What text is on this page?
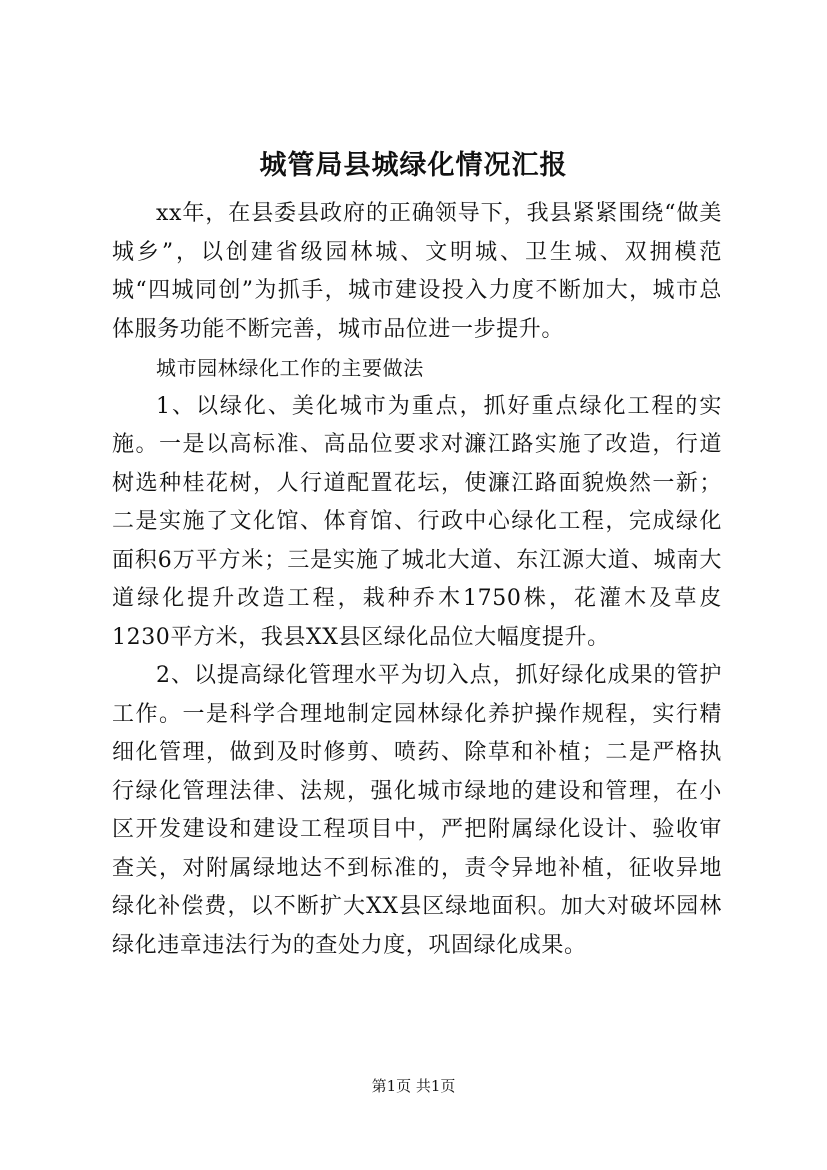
城管局县城绿化情况汇报

xx年，在县委县政府的正确领导下，我县紧紧围绕“做美城乡”，以创建省级园林城、文明城、卫生城、双拥模范城“四城同创”为抓手，城市建设投入力度不断加大，城市总体服务功能不断完善，城市品位进一步提升。

城市园林绿化工作的主要做法

1、以绿化、美化城市为重点，抓好重点绿化工程的实施。一是以高标准、高品位要求对濂江路实施了改造，行道树选种桂花树，人行道配置花坛，使濂江路面貌焕然一新；二是实施了文化馆、体育馆、行政中心绿化工程，完成绿化面积6万平方米；三是实施了城北大道、东江源大道、城南大道绿化提升改造工程，栽种乔木1750株，花灌木及草皮1230平方米，我县XX县区绿化品位大幅度提升。

2、以提高绿化管理水平为切入点，抓好绿化成果的管护工作。一是科学合理地制定园林绿化养护操作规程，实行精细化管理，做到及时修剪、喷药、除草和补植；二是严格执行绿化管理法律、法规，强化城市绿地的建设和管理，在小区开发建设和建设工程项目中，严把附属绿化设计、验收审查关，对附属绿地达不到标准的，责令异地补植，征收异地绿化补偿费，以不断扩大XX县区绿地面积。加大对破坏园林绿化违章违法行为的查处力度，巩固绿化成果。

第1页 共1页
